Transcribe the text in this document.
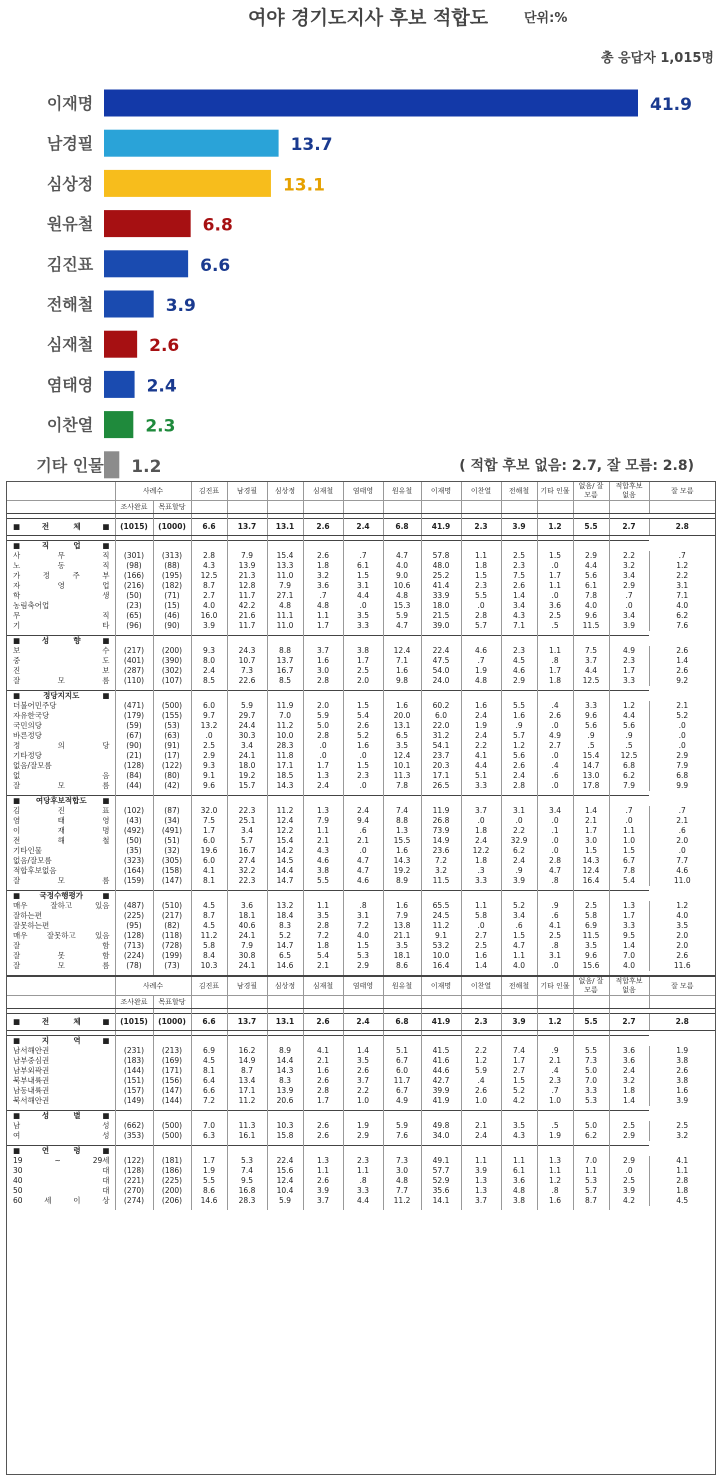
여야 경기도지사 후보 적합도	단위:%
총 응답자 1,015명
이재명	41.9
남경필	13.7
심상정	13.1
원유철	6.8
김진표	6.6
전해철	3.9
심재철	2.6
염태영	2.4
이찬열	2.3
기타 인물 1.2	( 적합 후보 없음: 2.7, 잘 모름: 2.8)
	사례수		김진표	남경필	심상정	심재철	염태영	원유철	이재명	이찬열	전해철	기타 인물	없음/ 잘 모름	적합후보 없음	잘 모름
	조사완료	목표할당													

■전 체■	(1015)	(1000)	6.6	13.7	13.1	2.6	2.4	6.8	41.9	2.3	3.9	1.2	5.5	2.7	2.8

■직 업■															
사 무 직	(301)	(313)	2.8	7.9	15.4	2.6	.7	4.7	57.8	1.1	2.5	1.5	2.9	2.2	.7
노 동 직	(98)	(88)	4.3	13.9	13.3	1.8	6.1	4.0	48.0	1.8	2.3	.0	4.4	3.2	1.2
가 정 주 부	(166)	(195)	12.5	21.3	11.0	3.2	1.5	9.0	25.2	1.5	7.5	1.7	5.6	3.4	2.2
자 영 업	(216)	(182)	8.7	12.8	7.9	3.6	3.1	10.6	41.4	2.3	2.6	1.1	6.1	2.9	3.1
학 생	(50)	(71)	2.7	11.7	27.1	.7	4.4	4.8	33.9	5.5	1.4	.0	7.8	.7	7.1
농림축어업	(23)	(15)	4.0	42.2	4.8	4.8	.0	15.3	18.0	.0	3.4	3.6	4.0	.0	4.0
무 직	(65)	(46)	16.0	21.6	11.1	1.1	3.5	5.9	21.5	2.8	4.3	2.5	9.6	3.4	6.2
기 타	(96)	(90)	3.9	11.7	11.0	1.7	3.3	4.7	39.0	5.7	7.1	.5	11.5	3.9	7.6

■성 향■															
보 수	(217)	(200)	9.3	24.3	8.8	3.7	3.8	12.4	22.4	4.6	2.3	1.1	7.5	4.9	2.6
중 도	(401)	(390)	8.0	10.7	13.7	1.6	1.7	7.1	47.5	.7	4.5	.8	3.7	2.3	1.4
진 보	(287)	(302)	2.4	7.3	16.7	3.0	2.5	1.6	54.0	1.9	4.6	1.7	4.4	1.7	2.6
잘 모 름	(110)	(107)	8.5	22.6	8.5	2.8	2.0	9.8	24.0	4.8	2.9	1.8	12.5	3.3	9.2

■정당지지도■															
더불어민주당	(471)	(500)	6.0	5.9	11.9	2.0	1.5	1.6	60.2	1.6	5.5	.4	3.3	1.2	2.1
자유한국당	(179)	(155)	9.7	29.7	7.0	5.9	5.4	20.0	6.0	2.4	1.6	2.6	9.6	4.4	5.2
국민의당	(59)	(53)	13.2	24.4	11.2	5.0	2.6	13.1	22.0	1.9	.9	.0	5.6	5.6	.0
바른정당	(67)	(63)	.0	30.3	10.0	2.8	5.2	6.5	31.2	2.4	5.7	4.9	.9	.9	.0
정 의 당	(90)	(91)	2.5	3.4	28.3	.0	1.6	3.5	54.1	2.2	1.2	2.7	.5	.5	.0
기타정당	(21)	(17)	2.9	24.1	11.8	.0	.0	12.4	23.7	4.1	5.6	.0	15.4	12.5	2.9
없음/잘모름	(128)	(122)	9.3	18.0	17.1	1.7	1.5	10.1	20.3	4.4	2.6	.4	14.7	6.8	7.9
없 음	(84)	(80)	9.1	19.2	18.5	1.3	2.3	11.3	17.1	5.1	2.4	.6	13.0	6.2	6.8
잘 모 름	(44)	(42)	9.6	15.7	14.3	2.4	.0	7.8	26.5	3.3	2.8	.0	17.8	7.9	9.9

■여당후보적합도■															
김 진 표	(102)	(87)	32.0	22.3	11.2	1.3	2.4	7.4	11.9	3.7	3.1	3.4	1.4	.7	.7
염 태 영	(43)	(34)	7.5	25.1	12.4	7.9	9.4	8.8	26.8	.0	.0	.0	2.1	.0	2.1
이 재 명	(492)	(491)	1.7	3.4	12.2	1.1	.6	1.3	73.9	1.8	2.2	.1	1.7	1.1	.6
전 해 철	(50)	(51)	6.0	5.7	15.4	2.1	2.1	15.5	14.9	2.4	32.9	.0	3.0	1.0	2.0
기타인물	(35)	(32)	19.6	16.7	14.2	4.3	.0	1.6	23.6	12.2	6.2	.0	1.5	1.5	.0
없음/잘모름	(323)	(305)	6.0	27.4	14.5	4.6	4.7	14.3	7.2	1.8	2.4	2.8	14.3	6.7	7.7
적합후보없음	(164)	(158)	4.1	32.2	14.4	3.8	4.7	19.2	3.2	.3	.9	4.7	12.4	7.8	4.6
잘 모 름	(159)	(147)	8.1	22.3	14.7	5.5	4.6	8.9	11.5	3.3	3.9	.8	16.4	5.4	11.0

■국정수행평가■															
매우 잘하고 있음	(487)	(510)	4.5	3.6	13.2	1.1	.8	1.6	65.5	1.1	5.2	.9	2.5	1.3	1.2
잘하는편	(225)	(217)	8.7	18.1	18.4	3.5	3.1	7.9	24.5	5.8	3.4	.6	5.8	1.7	4.0
잘못하는편	(95)	(82)	4.5	40.6	8.3	2.8	7.2	13.8	11.2	.0	.6	4.1	6.9	3.3	3.5
매우 잘못하고 있음	(128)	(118)	11.2	24.1	5.2	7.2	4.0	21.1	9.1	2.7	1.5	2.5	11.5	9.5	2.0
잘 함	(713)	(728)	5.8	7.9	14.7	1.8	1.5	3.5	53.2	2.5	4.7	.8	3.5	1.4	2.0
잘 못 함	(224)	(199)	8.4	30.8	6.5	5.4	5.3	18.1	10.0	1.6	1.1	3.1	9.6	7.0	2.6
잘 모 름	(78)	(73)	10.3	24.1	14.6	2.1	2.9	8.6	16.4	1.4	4.0	.0	15.6	4.0	11.6

	사례수		김진표	남경필	심상정	심재철	염태영	원유철	이재명	이찬열	전해철	기타 인물	없음/ 잘 모름	적합후보 없음	잘 모름
	조사완료	목표할당													

■전 체■	(1015)	(1000)	6.6	13.7	13.1	2.6	2.4	6.8	41.9	2.3	3.9	1.2	5.5	2.7	2.8

■지 역■															
남서해안권	(231)	(213)	6.9	16.2	8.9	4.1	1.4	5.1	41.5	2.2	7.4	.9	5.5	3.6	1.9
남부중심권	(183)	(169)	4.5	14.9	14.4	2.1	3.5	6.7	41.6	1.2	1.7	2.1	7.3	3.6	3.8
남부외곽권	(144)	(171)	8.1	8.7	14.3	1.6	2.6	6.0	44.6	5.9	2.7	.4	5.0	2.4	2.6
북부내륙권	(151)	(156)	6.4	13.4	8.3	2.6	3.7	11.7	42.7	.4	1.5	2.3	7.0	3.2	3.8
남동내륙권	(157)	(147)	6.6	17.1	13.9	2.8	2.2	6.7	39.9	2.6	5.2	.7	3.3	1.8	1.6
북서해안권	(149)	(144)	7.2	11.2	20.6	1.7	1.0	4.9	41.9	1.0	4.2	1.0	5.3	1.4	3.9

■성 별■															
남 성	(662)	(500)	7.0	11.3	10.3	2.6	1.9	5.9	49.8	2.1	3.5	.5	5.0	2.5	2.5
여 성	(353)	(500)	6.3	16.1	15.8	2.6	2.9	7.6	34.0	2.4	4.3	1.9	6.2	2.9	3.2

■연 령■															
19 ~ 29세	(122)	(181)	1.7	5.3	22.4	1.3	2.3	7.3	49.1	1.1	1.1	1.3	7.0	2.9	4.1
30 대	(128)	(186)	1.9	7.4	15.6	1.1	1.1	3.0	57.7	3.9	6.1	1.1	1.1	.0	1.1
40 대	(221)	(225)	5.5	9.5	12.4	2.6	.8	4.8	52.9	1.3	3.6	1.2	5.3	2.5	2.8
50 대	(270)	(200)	8.6	16.8	10.4	3.9	3.3	7.7	35.6	1.3	4.8	.8	5.7	3.9	1.8
60 세 이 상	(274)	(206)	14.6	28.3	5.9	3.7	4.4	11.2	14.1	3.7	3.8	1.6	8.7	4.2	4.5
